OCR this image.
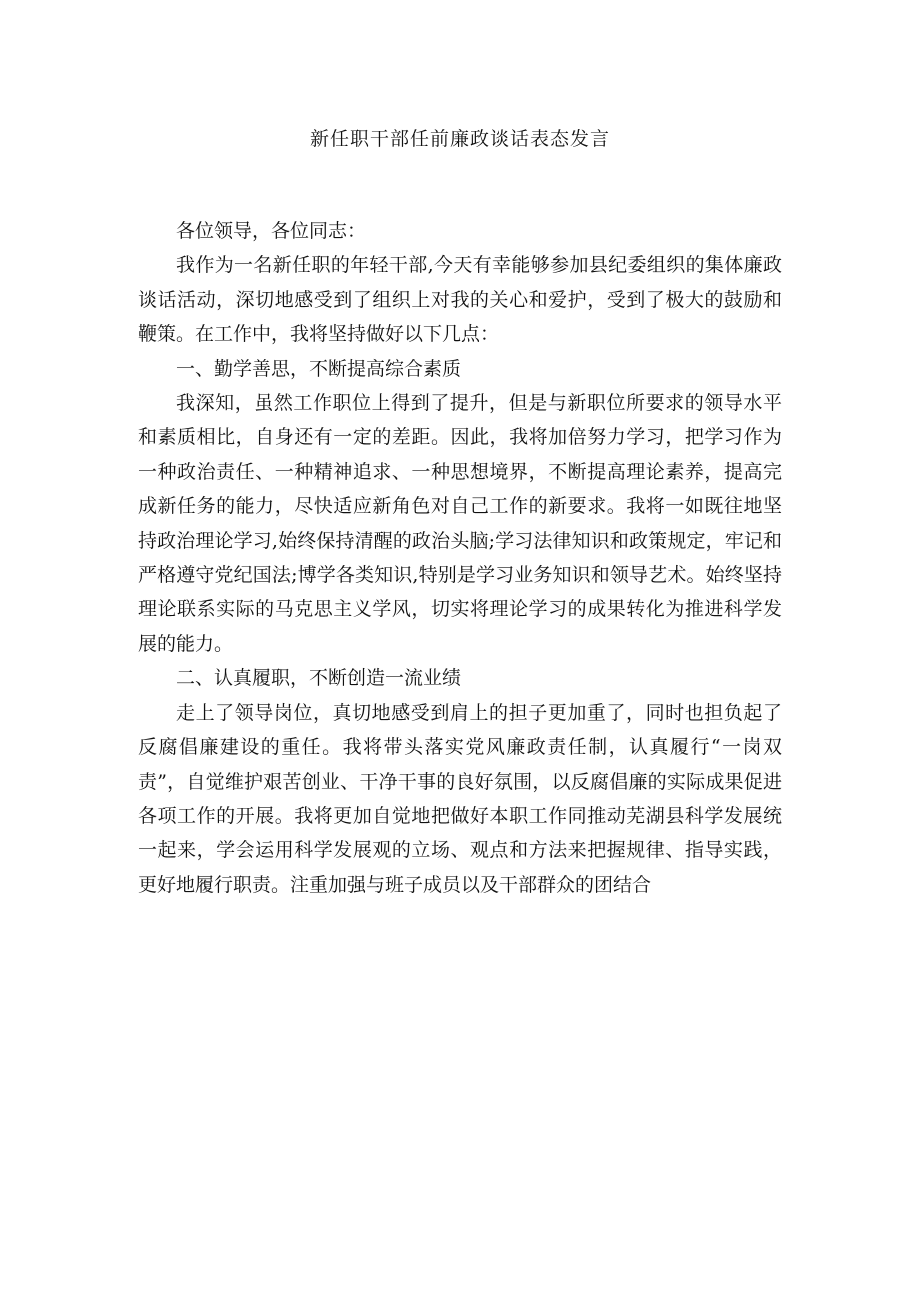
新任职干部任前廉政谈话表态发言

各位领导，各位同志：

我作为一名新任职的年轻干部,今天有幸能够参加县纪委组织的集体廉政谈话活动，深切地感受到了组织上对我的关心和爱护，受到了极大的鼓励和鞭策。在工作中，我将坚持做好以下几点：

一、勤学善思，不断提高综合素质

我深知，虽然工作职位上得到了提升，但是与新职位所要求的领导水平和素质相比，自身还有一定的差距。因此，我将加倍努力学习，把学习作为一种政治责任、一种精神追求、一种思想境界，不断提高理论素养，提高完成新任务的能力，尽快适应新角色对自己工作的新要求。我将一如既往地坚持政治理论学习,始终保持清醒的政治头脑;学习法律知识和政策规定，牢记和严格遵守党纪国法;博学各类知识,特别是学习业务知识和领导艺术。始终坚持理论联系实际的马克思主义学风，切实将理论学习的成果转化为推进科学发展的能力。

二、认真履职，不断创造一流业绩

走上了领导岗位，真切地感受到肩上的担子更加重了，同时也担负起了反腐倡廉建设的重任。我将带头落实党风廉政责任制，认真履行“一岗双责”，自觉维护艰苦创业、干净干事的良好氛围，以反腐倡廉的实际成果促进各项工作的开展。我将更加自觉地把做好本职工作同推动芜湖县科学发展统一起来，学会运用科学发展观的立场、观点和方法来把握规律、指导实践，更好地履行职责。注重加强与班子成员以及干部群众的团结合
